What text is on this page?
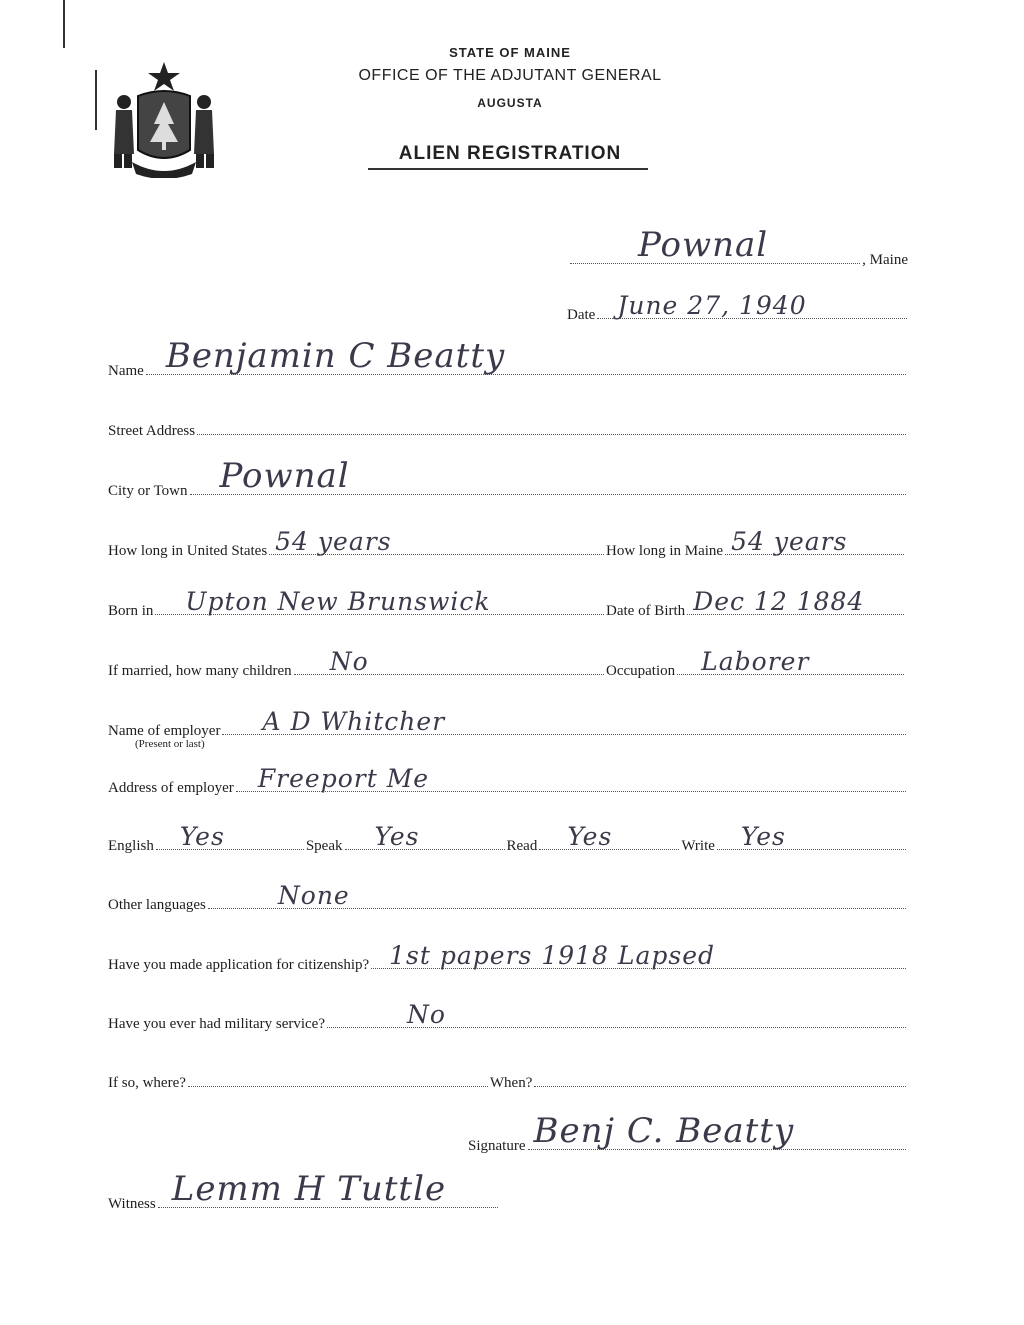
STATE OF MAINE
OFFICE OF THE ADJUTANT GENERAL
AUGUSTA
ALIEN REGISTRATION
Pownal	, Maine
Date June 27, 1940
Name Benjamin C Beatty
Street Address
City or Town Pownal
How long in United States 54 years	How long in Maine 54 years
Born in Upton New Brunswick	Date of Birth Dec 12 1884
If married, how many children No	Occupation Laborer
Name of employer A D Whitcher
(Present or last)
Address of employer Freeport Me
English Yes	Speak Yes	Read Yes	Write Yes
Other languages	None
Have you made application for citizenship? 1st papers 1918 Lapsed
Have you ever had military service?	No
If so, where?	When?
Signature Benj C. Beatty
Witness Lemm H Tuttle
